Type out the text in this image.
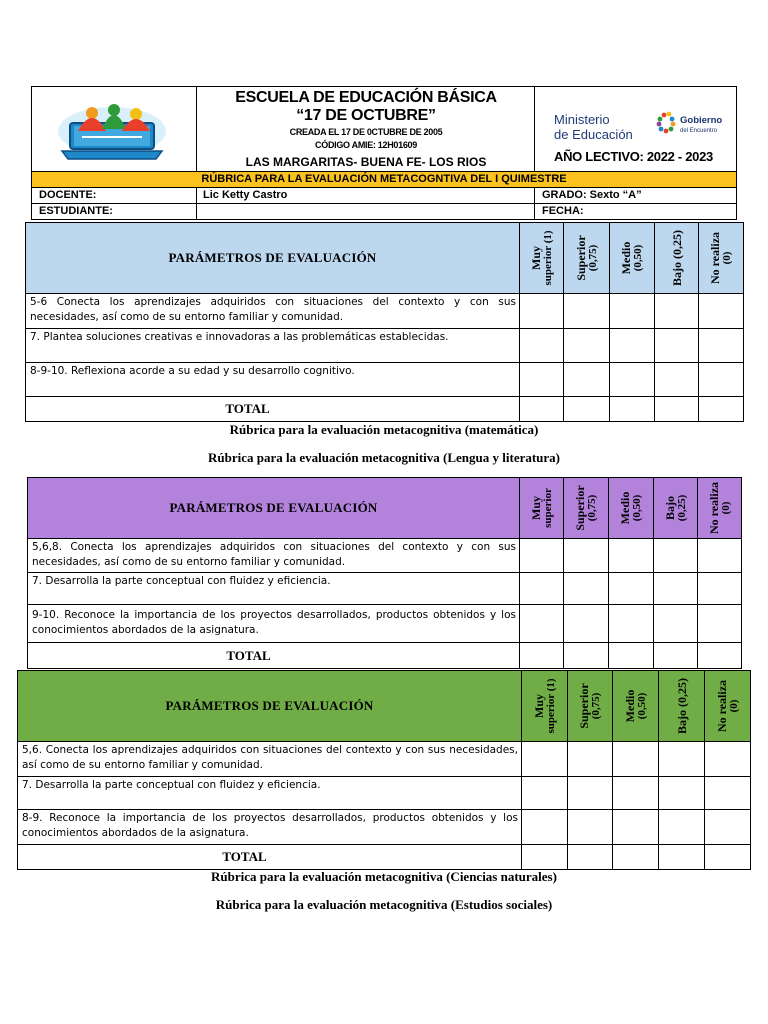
ESCUELA DE EDUCACIÓN BÁSICA
“17 DE OCTUBRE”
CREADA EL 17 DE 0CTUBRE DE 2005
CÓDIGO AMIE: 12H01609
LAS MARGARITAS- BUENA FE- LOS RIOS
Ministerio
de Educación
Gobierno
del Encuentro
AÑO LECTIVO: 2022 - 2023
RÚBRICA PARA LA EVALUACIÓN METACOGNTIVA DEL I QUIMESTRE
DOCENTE:	Lic Ketty Castro	GRADO: Sexto “A”
ESTUDIANTE:	FECHA:
PARÁMETROS DE EVALUACIÓN	Muy superior (1)	Superior (0,75)	Medio (0,50)	Bajo (0,25)	No realiza (0)

5-6 Conecta los aprendizajes adquiridos con situaciones del contexto y con sus necesidades, así como de su entorno familiar y comunidad.					
7. Plantea soluciones creativas e innovadoras a las problemáticas establecidas.					
8-9-10. Reflexiona acorde a su edad y su desarrollo cognitivo.					
TOTAL					
Rúbrica para la evaluación metacognitiva (matemática)
Rúbrica para la evaluación metacognitiva (Lengua y literatura)
PARÁMETROS DE EVALUACIÓN	Muy superior	Superior (0,75)	Medio (0,50)	Bajo (0,25)	No realiza (0)

5,6,8. Conecta los aprendizajes adquiridos con situaciones del contexto y con sus necesidades, así como de su entorno familiar y comunidad.					
7. Desarrolla la parte conceptual con fluidez y eficiencia.					
9-10. Reconoce la importancia de los proyectos desarrollados, productos obtenidos y los conocimientos abordados de la asignatura.					
TOTAL					
PARÁMETROS DE EVALUACIÓN	Muy superior (1)	Superior (0,75)	Medio (0,50)	Bajo (0,25)	No realiza (0)

5,6. Conecta los aprendizajes adquiridos con situaciones del contexto y con sus necesidades, así como de su entorno familiar y comunidad.					
7. Desarrolla la parte conceptual con fluidez y eficiencia.					
8-9. Reconoce la importancia de los proyectos desarrollados, productos obtenidos y los conocimientos abordados de la asignatura.					
TOTAL					
Rúbrica para la evaluación metacognitiva (Ciencias naturales)
Rúbrica para la evaluación metacognitiva (Estudios sociales)
